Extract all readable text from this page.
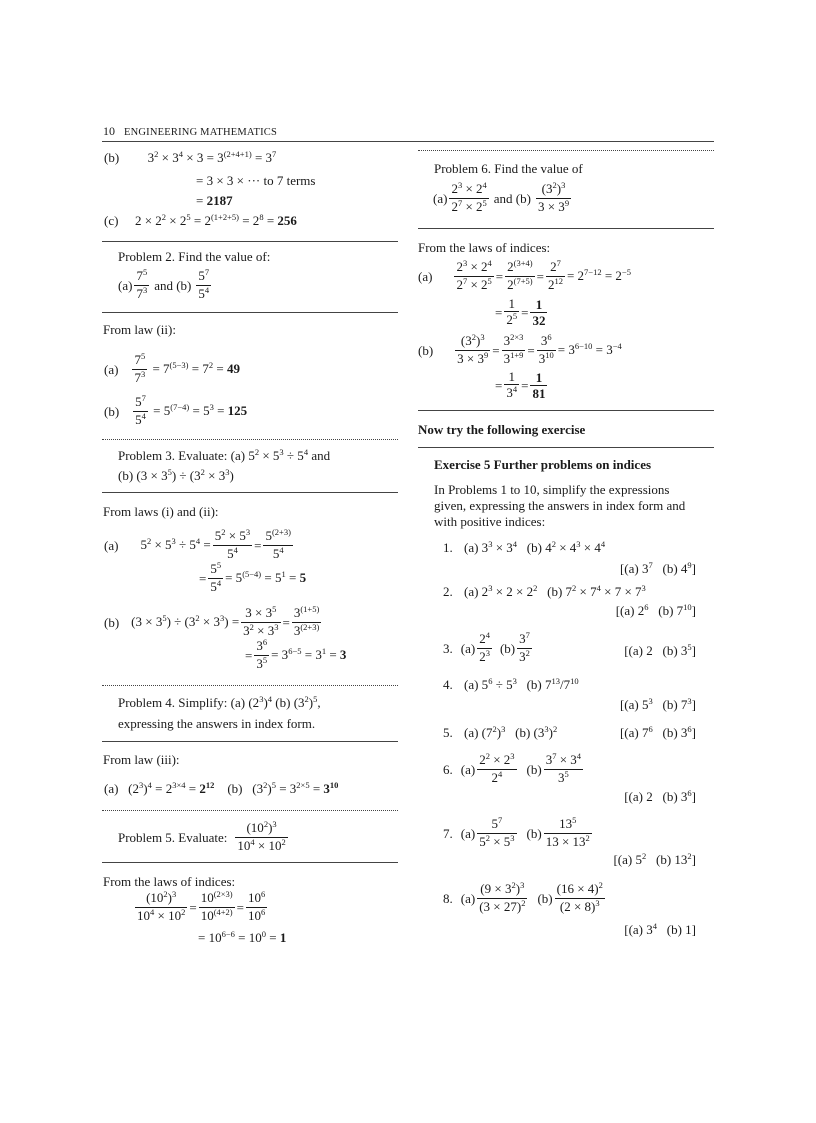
10 ENGINEERING MATHEMATICS
(b) $3^2 \times 3^4 \times 3 = 3^{(2+4+1)} = 3^7$
= 3 × 3 × ··· to 7 terms
= 2187
(c) $2 \times 2^2 \times 2^5 = 2^{(1+2+5)} = 2^8 = 256$
Problem 2. Find the value of:
$(a) \frac{7^5}{7^3}$ and $(b) \frac{5^7}{5^4}$
From law (ii):
$(a) \frac{7^5}{7^3} = 7^{(5-3)} = 7^2 = 49$
$(b) \frac{5^7}{5^4} = 5^{(7-4)} = 5^3 = 125$
Problem 3. Evaluate: (a) $5^2 \times 5^3 \div 5^4$ and
(b) $(3 \times 3^5) \div (3^2 \times 3^3)$
From laws (i) and (ii):
(a) $5^2 \times 5^3 \div 5^4 = \frac{5^2 \times 5^3}{5^4} = \frac{5^{(2+3)}}{5^4}$
= $\frac{5^5}{5^4} = 5^{(5-4)} = 5^1 = 5$
(b) $(3 \times 3^5) \div (3^2 \times 3^3) = \frac{3 \times 3^5}{3^2 \times 3^3} = \frac{3^{(1+5)}}{3^{(2+3)}}$
= $\frac{3^6}{3^5} = 3^{6-5} = 3^1 = 3$
Problem 4. Simplify: (a) $(2^3)^4$ (b) $(3^2)^5$,
expressing the answers in index form.
From law (iii):
(a)   $(2^3)^4 = 2^{3\times 4} = 2^{12}$ (b)   $(3^2)^5 = 3^{2\times 5} = 3^{10}$
Problem 5. Evaluate: $\frac{(10^2)^3}{10^4 \times 10^2}$
From the laws of indices:
$\frac{(10^2)^3}{10^4 \times 10^2} = \frac{10^{(2\times 3)}}{10^{(4+2)}} = \frac{10^6}{10^6}$
= $10^{6-6} = 10^0 = 1$
Problem 6. Find the value of
$(a) \frac{2^3 \times 2^4}{2^7 \times 2^5}$ and $(b) \frac{(3^2)^3}{3 \times 3^9}$
From the laws of indices:
$(a) \frac{2^3 \times 2^4}{2^7 \times 2^5} = \frac{2^{(3+4)}}{2^{(7+5)}} = \frac{2^7}{2^{12}} = 2^{7-12} = 2^{-5}$
= $\frac{1}{2^5} = \frac{1}{32}$
$(b) \frac{(3^2)^3}{3 \times 3^9} = \frac{3^{2\times 3}}{3^{1+9}} = \frac{3^6}{3^{10}} = 3^{6-10} = 3^{-4}$
= $\frac{1}{3^4} = \frac{1}{81}$
Now try the following exercise
Exercise 5 Further problems on indices
In Problems 1 to 10, simplify the expressions given, expressing the answers in index form and with positive indices:
1. (a) $3^3 \times 3^4$ (b) $4^2 \times 4^3 \times 4^4$
[(a) $3^7$ (b) $4^9$]
2. (a) $2^3 \times 2 \times 2^2$ (b) $7^2 \times 7^4 \times 7 \times 7^3$
[(a) $2^6$ (b) $7^{10}$]
3. $(a) \frac{2^4}{2^3} (b) \frac{3^7}{3^2}$	[(a) 2 (b) $3^5$]
4. (a) $5^6 \div 5^3$ (b) $7^{13}/7^{10}$
[(a) $5^3$ (b) $7^3$]
5. (a) $(7^2)^3$ (b) $(3^3)^2$	[(a) $7^6$ (b) $3^6$]
6. $(a) \frac{2^2 \times 2^3}{2^4} (b) \frac{3^7 \times 3^4}{3^5}$
[(a) 2 (b) $3^6$]
7. $(a) \frac{5^7}{5^2 \times 5^3} (b) \frac{13^5}{13 \times 13^2}$
[(a) $5^2$ (b) $13^2$]
8. $(a) \frac{(9 \times 3^2)^3}{(3 \times 27)^2} (b) \frac{(16 \times 4)^2}{(2 \times 8)^3}$
[(a) $3^4$ (b) 1]
